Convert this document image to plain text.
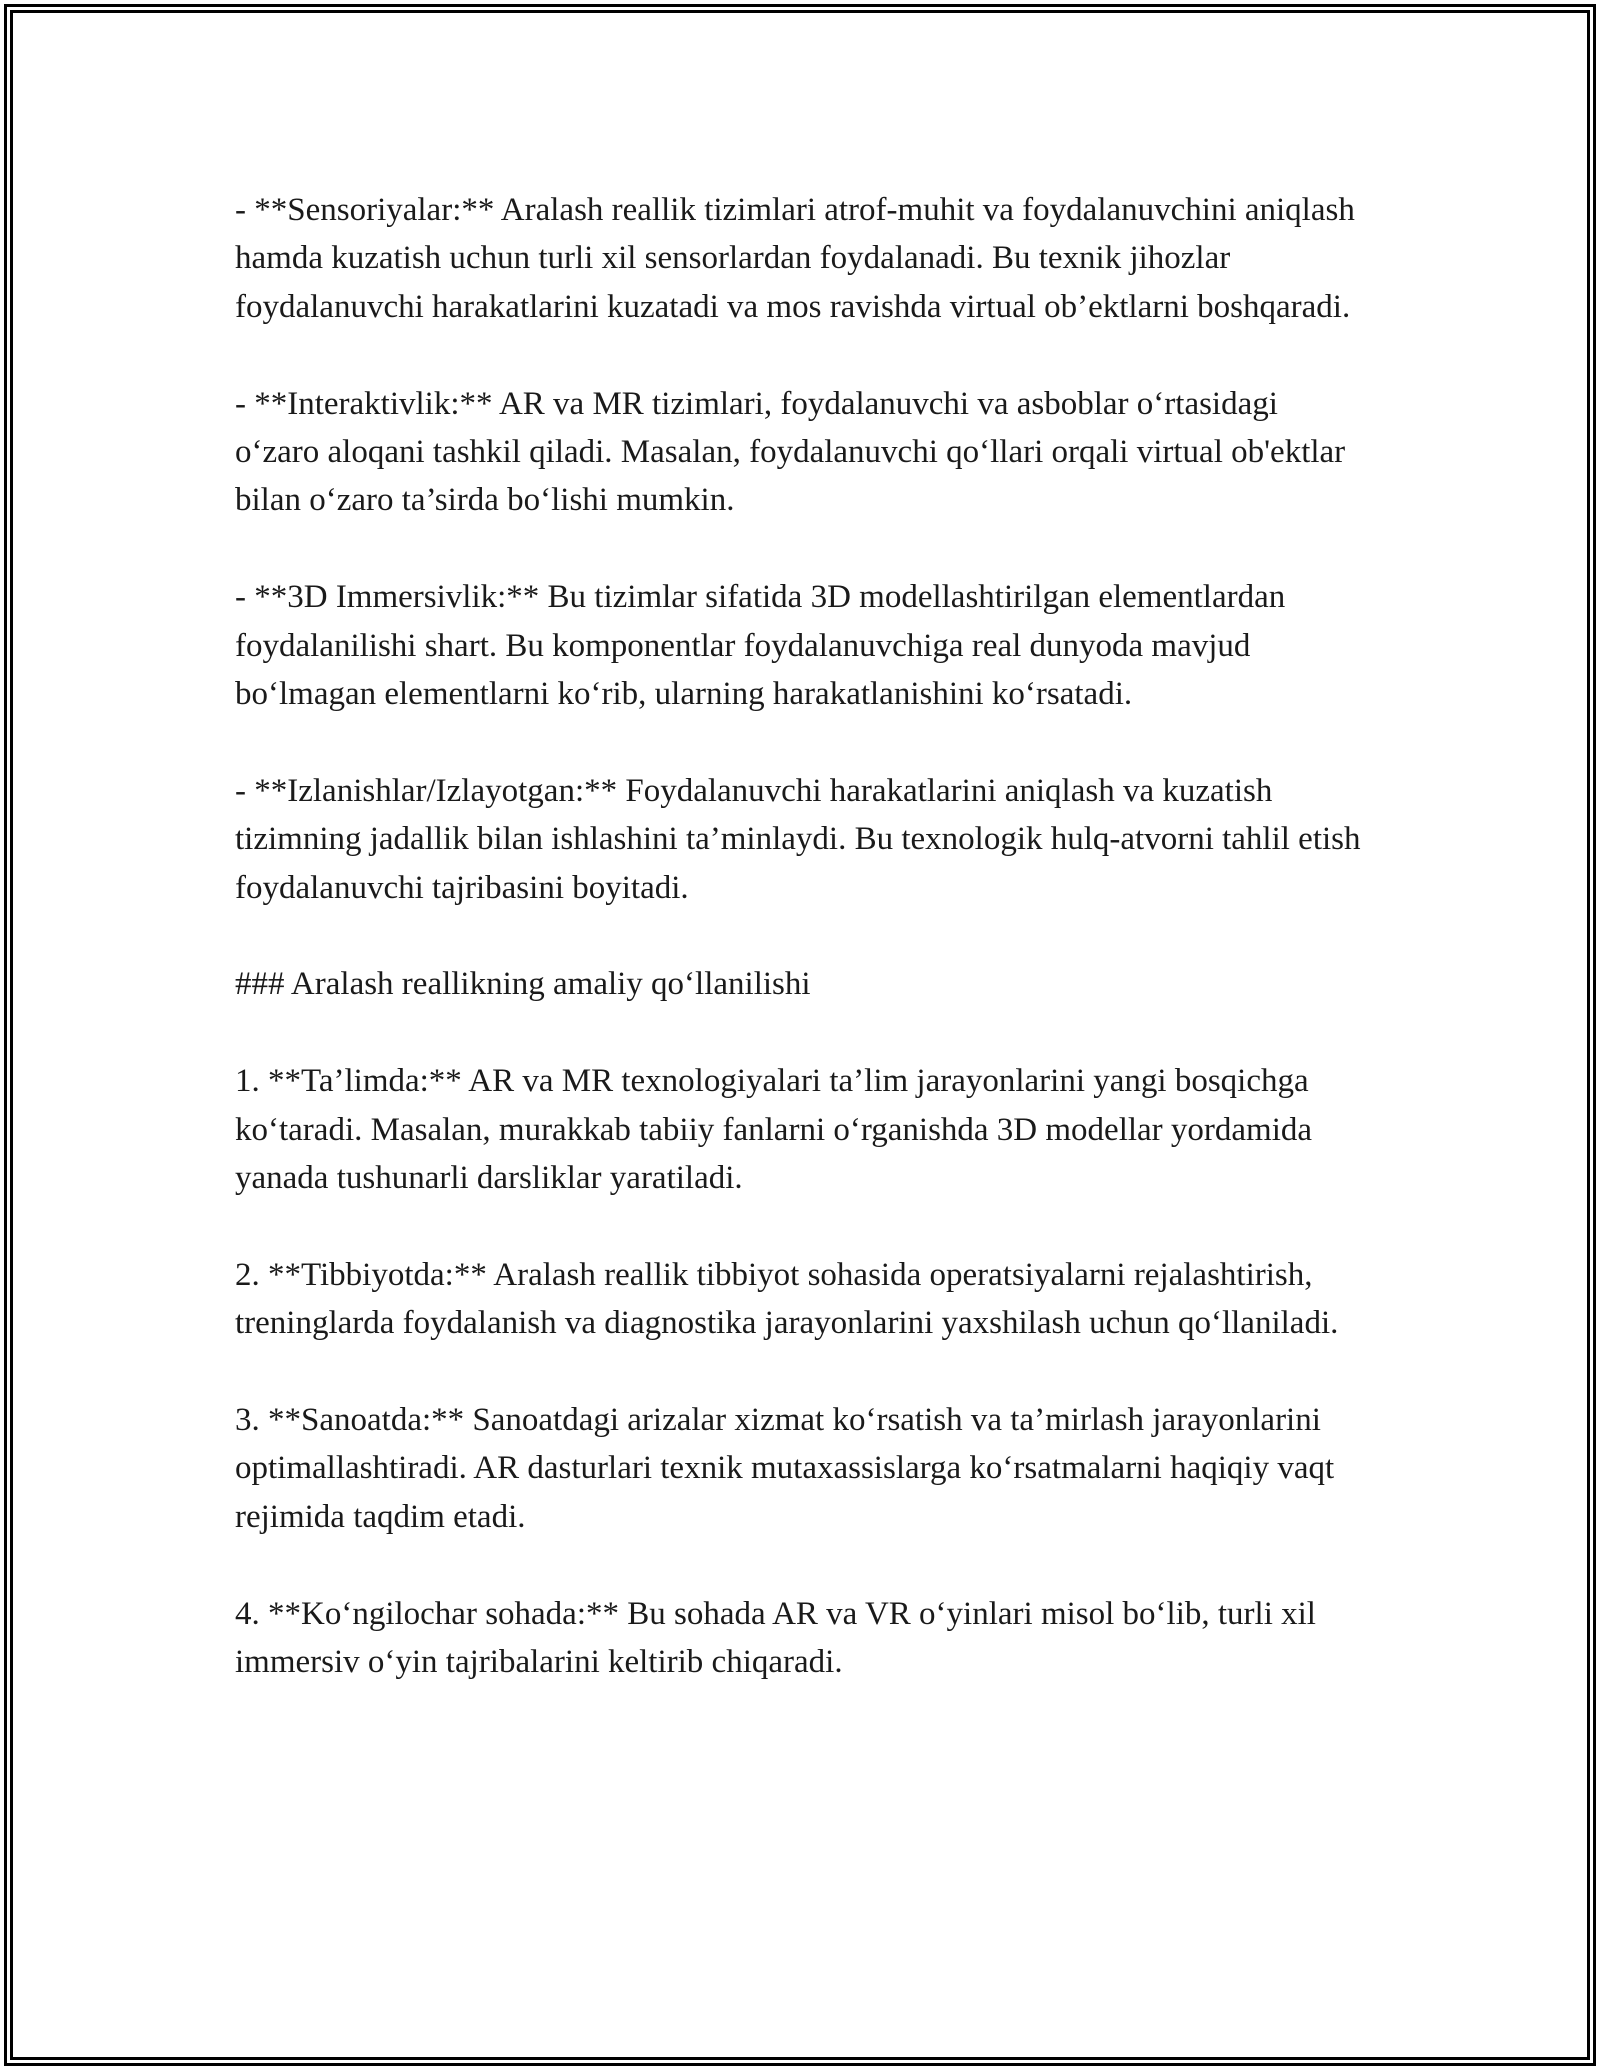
- **Sensoriyalar:** Aralash reallik tizimlari atrof-muhit va foydalanuvchini aniqlash hamda kuzatish uchun turli xil sensorlardan foydalanadi. Bu texnik jihozlar foydalanuvchi harakatlarini kuzatadi va mos ravishda virtual ob’ektlarni boshqaradi.

- **Interaktivlik:** AR va MR tizimlari, foydalanuvchi va asboblar o‘rtasidagi o‘zaro aloqani tashkil qiladi. Masalan, foydalanuvchi qo‘llari orqali virtual ob'ektlar bilan o‘zaro ta’sirda bo‘lishi mumkin.

- **3D Immersivlik:** Bu tizimlar sifatida 3D modellashtirilgan elementlardan foydalanilishi shart. Bu komponentlar foydalanuvchiga real dunyoda mavjud bo‘lmagan elementlarni ko‘rib, ularning harakatlanishini ko‘rsatadi.

- **Izlanishlar/Izlayotgan:** Foydalanuvchi harakatlarini aniqlash va kuzatish tizimning jadallik bilan ishlashini ta’minlaydi. Bu texnologik hulq-atvorni tahlil etish foydalanuvchi tajribasini boyitadi.

### Aralash reallikning amaliy qo‘llanilishi

1. **Ta’limda:** AR va MR texnologiyalari ta’lim jarayonlarini yangi bosqichga ko‘taradi. Masalan, murakkab tabiiy fanlarni o‘rganishda 3D modellar yordamida yanada tushunarli darsliklar yaratiladi.

2. **Tibbiyotda:** Aralash reallik tibbiyot sohasida operatsiyalarni rejalashtirish, treninglarda foydalanish va diagnostika jarayonlarini yaxshilash uchun qo‘llaniladi.

3. **Sanoatda:** Sanoatdagi arizalar xizmat ko‘rsatish va ta’mirlash jarayonlarini optimallashtiradi. AR dasturlari texnik mutaxassislarga ko‘rsatmalarni haqiqiy vaqt rejimida taqdim etadi.

4. **Ko‘ngilochar sohada:** Bu sohada AR va VR o‘yinlari misol bo‘lib, turli xil immersiv o‘yin tajribalarini keltirib chiqaradi.
